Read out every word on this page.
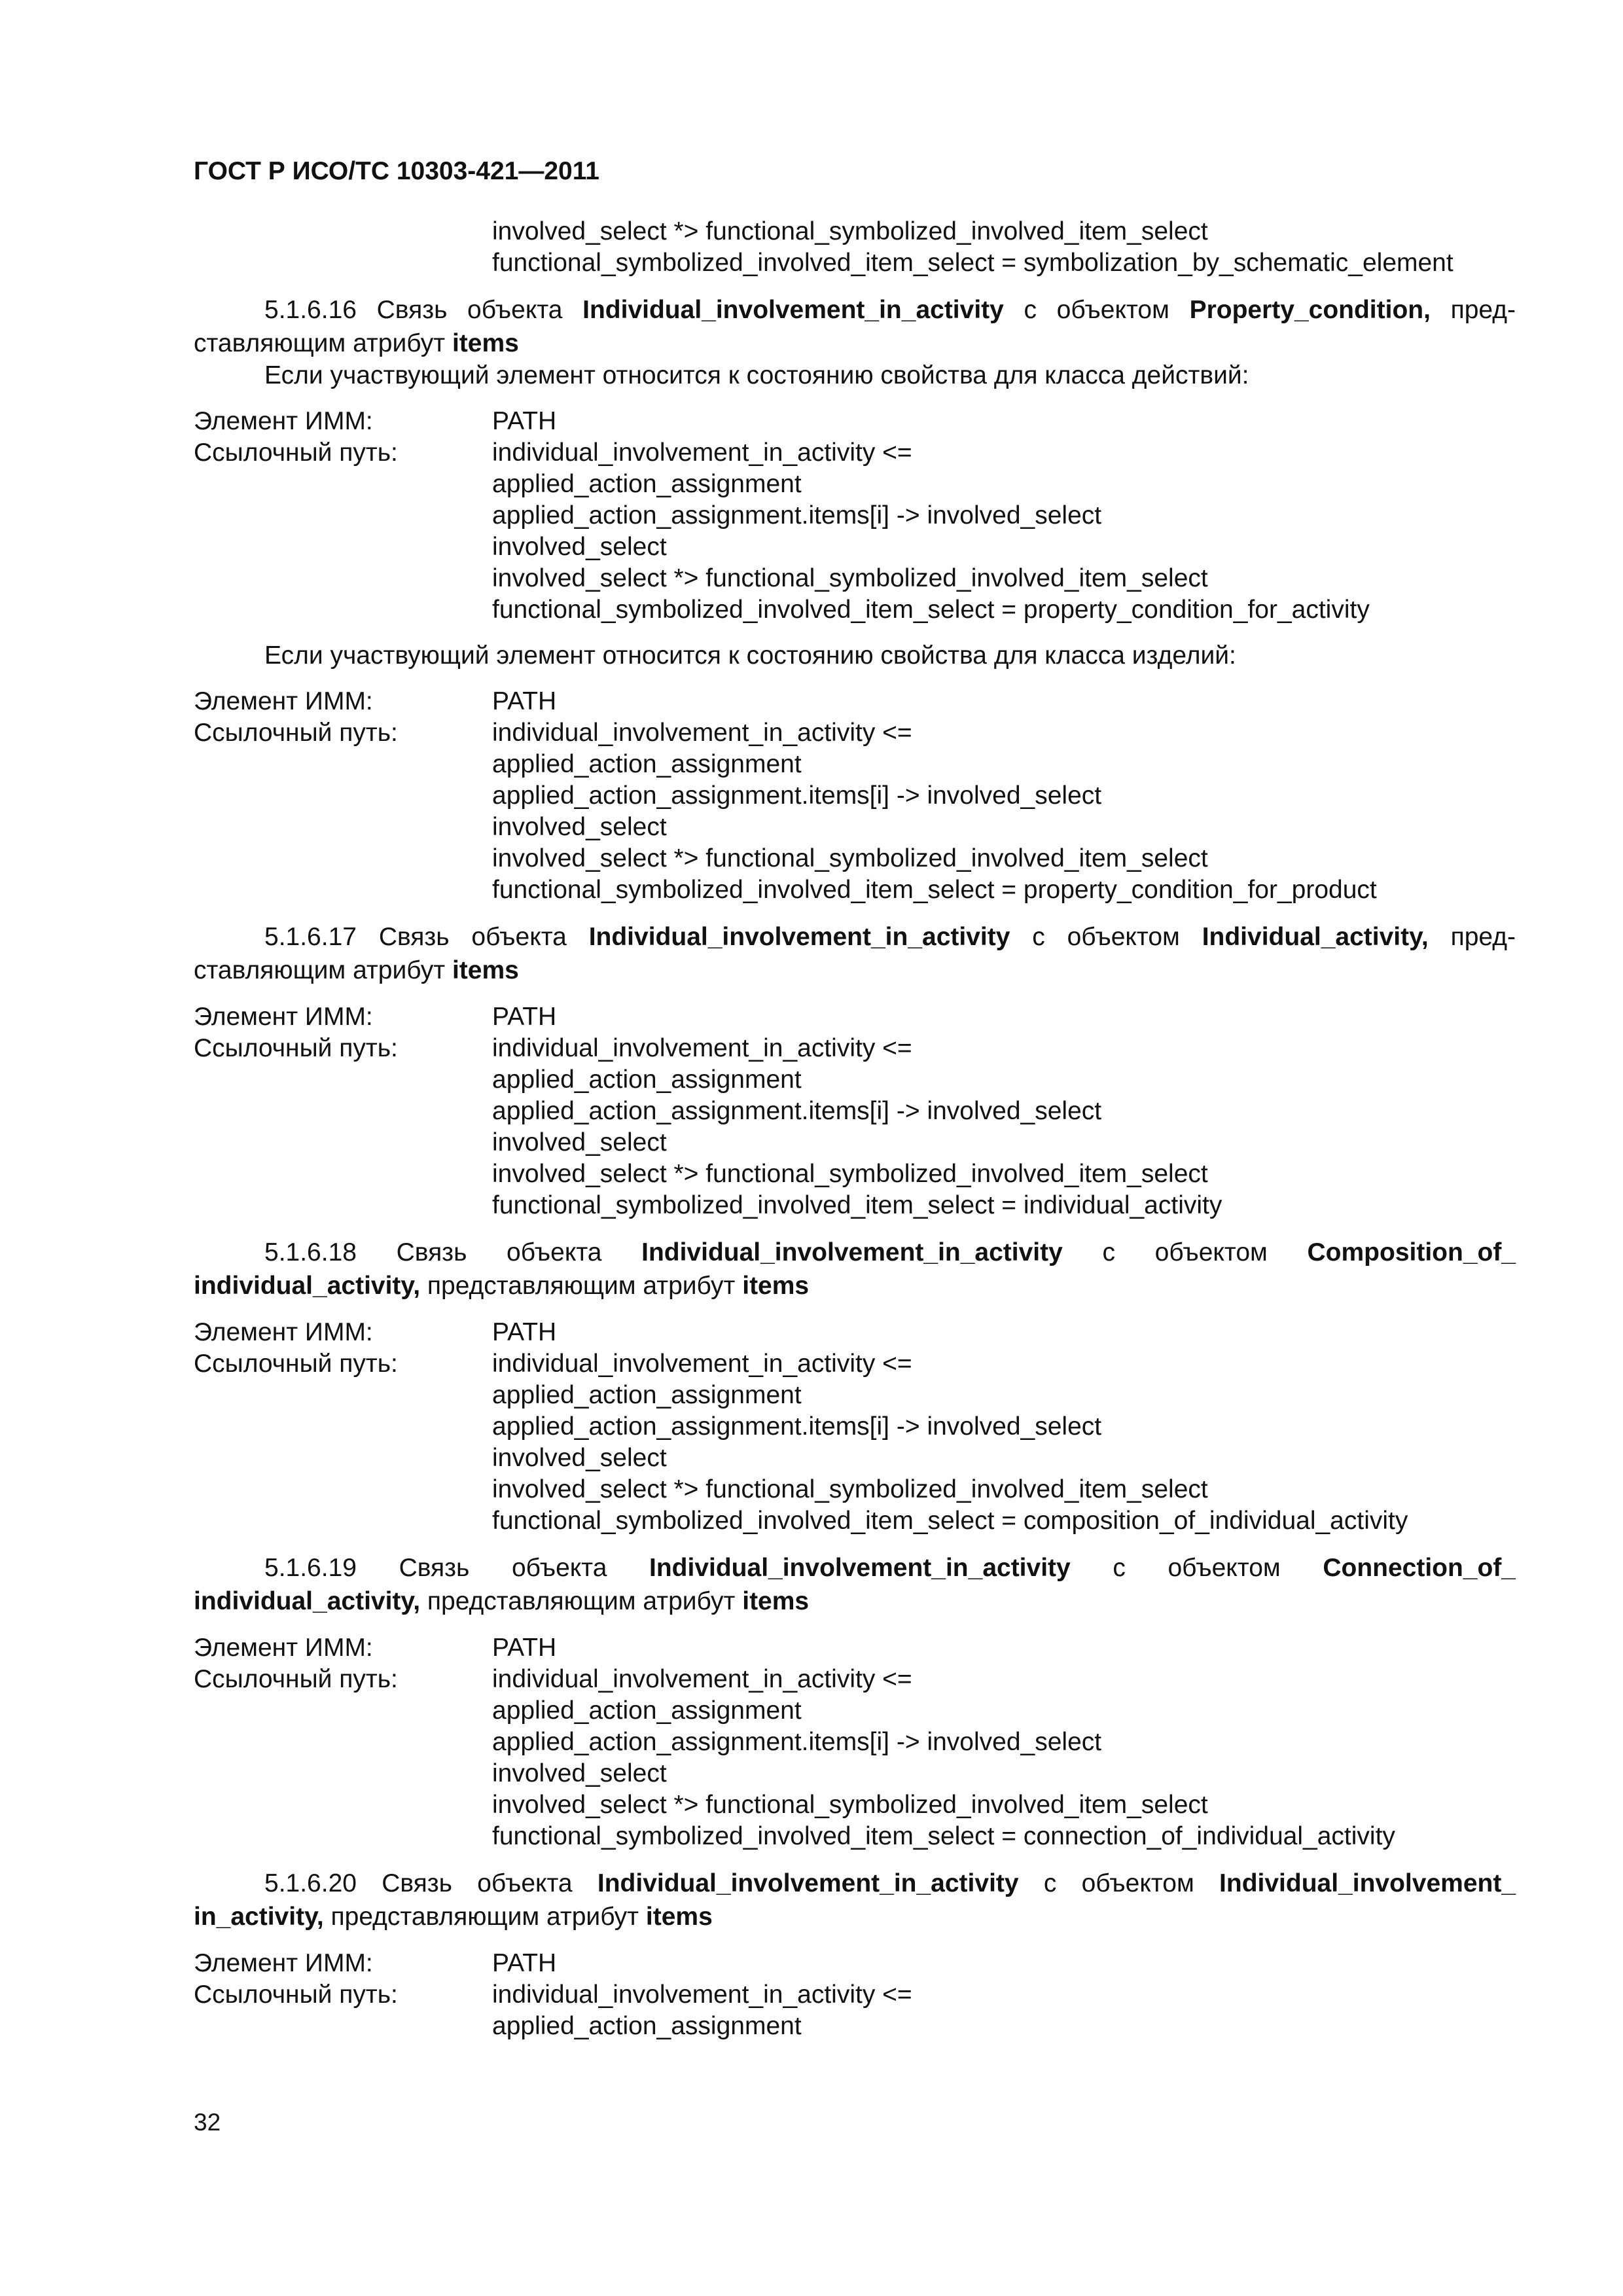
ГОСТ Р ИСО/ТС 10303-421—2011
involved_select *> functional_symbolized_involved_item_select
functional_symbolized_involved_item_select = symbolization_by_schematic_element

5.1.6.16 Связь объекта Individual_involvement_in_activity с объектом Property_condition, пред-ставляющим атрибут items

Если участвующий элемент относится к состоянию свойства для класса действий:

Элемент ИММ:	PATH
Ссылочный путь:	individual_involvement_in_activity <=
applied_action_assignment
applied_action_assignment.items[i] -> involved_select
involved_select
involved_select *> functional_symbolized_involved_item_select
functional_symbolized_involved_item_select = property_condition_for_activity

Если участвующий элемент относится к состоянию свойства для класса изделий:

Элемент ИММ:	PATH
Ссылочный путь:	individual_involvement_in_activity <=
applied_action_assignment
applied_action_assignment.items[i] -> involved_select
involved_select
involved_select *> functional_symbolized_involved_item_select
functional_symbolized_involved_item_select = property_condition_for_product

5.1.6.17 Связь объекта Individual_involvement_in_activity с объектом Individual_activity, пред-ставляющим атрибут items

Элемент ИММ:	PATH
Ссылочный путь:	individual_involvement_in_activity <=
applied_action_assignment
applied_action_assignment.items[i] -> involved_select
involved_select
involved_select *> functional_symbolized_involved_item_select
functional_symbolized_involved_item_select = individual_activity

5.1.6.18 Связь объекта Individual_involvement_in_activity с объектом Composition_of_ individual_activity, представляющим атрибут items

Элемент ИММ:	PATH
Ссылочный путь:	individual_involvement_in_activity <=
applied_action_assignment
applied_action_assignment.items[i] -> involved_select
involved_select
involved_select *> functional_symbolized_involved_item_select
functional_symbolized_involved_item_select = composition_of_individual_activity

5.1.6.19 Связь объекта Individual_involvement_in_activity с объектом Connection_of_ individual_activity, представляющим атрибут items

Элемент ИММ:	PATH
Ссылочный путь:	individual_involvement_in_activity <=
applied_action_assignment
applied_action_assignment.items[i] -> involved_select
involved_select
involved_select *> functional_symbolized_involved_item_select
functional_symbolized_involved_item_select = connection_of_individual_activity

5.1.6.20 Связь объекта Individual_involvement_in_activity с объектом Individual_involvement_ in_activity, представляющим атрибут items

Элемент ИММ:	PATH
Ссылочный путь:	individual_involvement_in_activity <=
applied_action_assignment
32
